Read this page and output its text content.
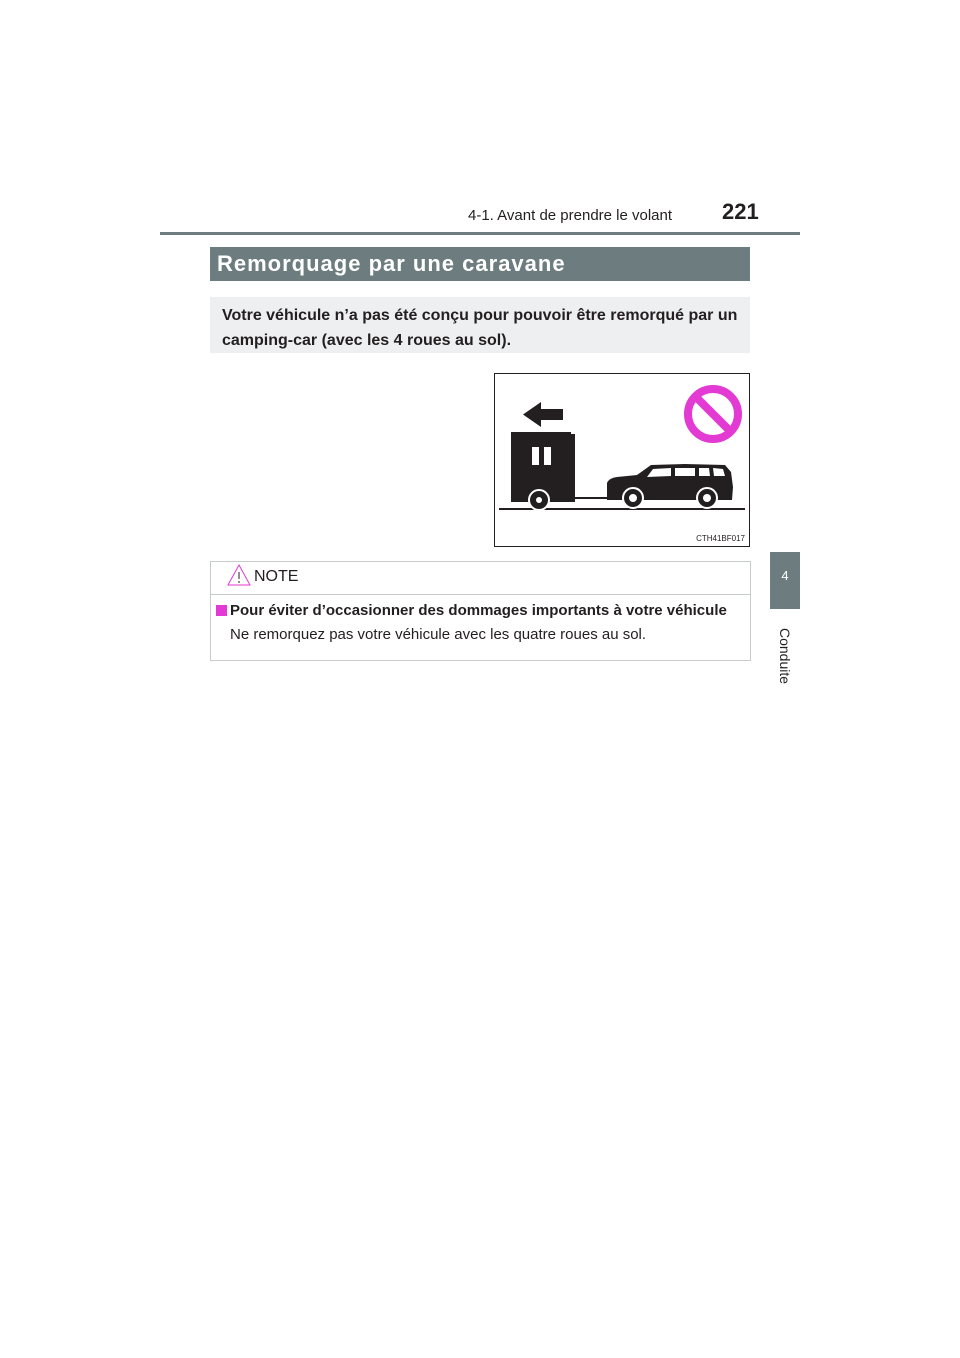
4-1. Avant de prendre le volant 221
4
Conduite
Remorquage par une caravane
Votre véhicule n’a pas été conçu pour pouvoir être remorqué par un camping-car (avec les 4 roues au sol).
CTH41BF017
NOTE
Pour éviter d’occasionner des dommages importants à votre véhicule
Ne remorquez pas votre véhicule avec les quatre roues au sol.
